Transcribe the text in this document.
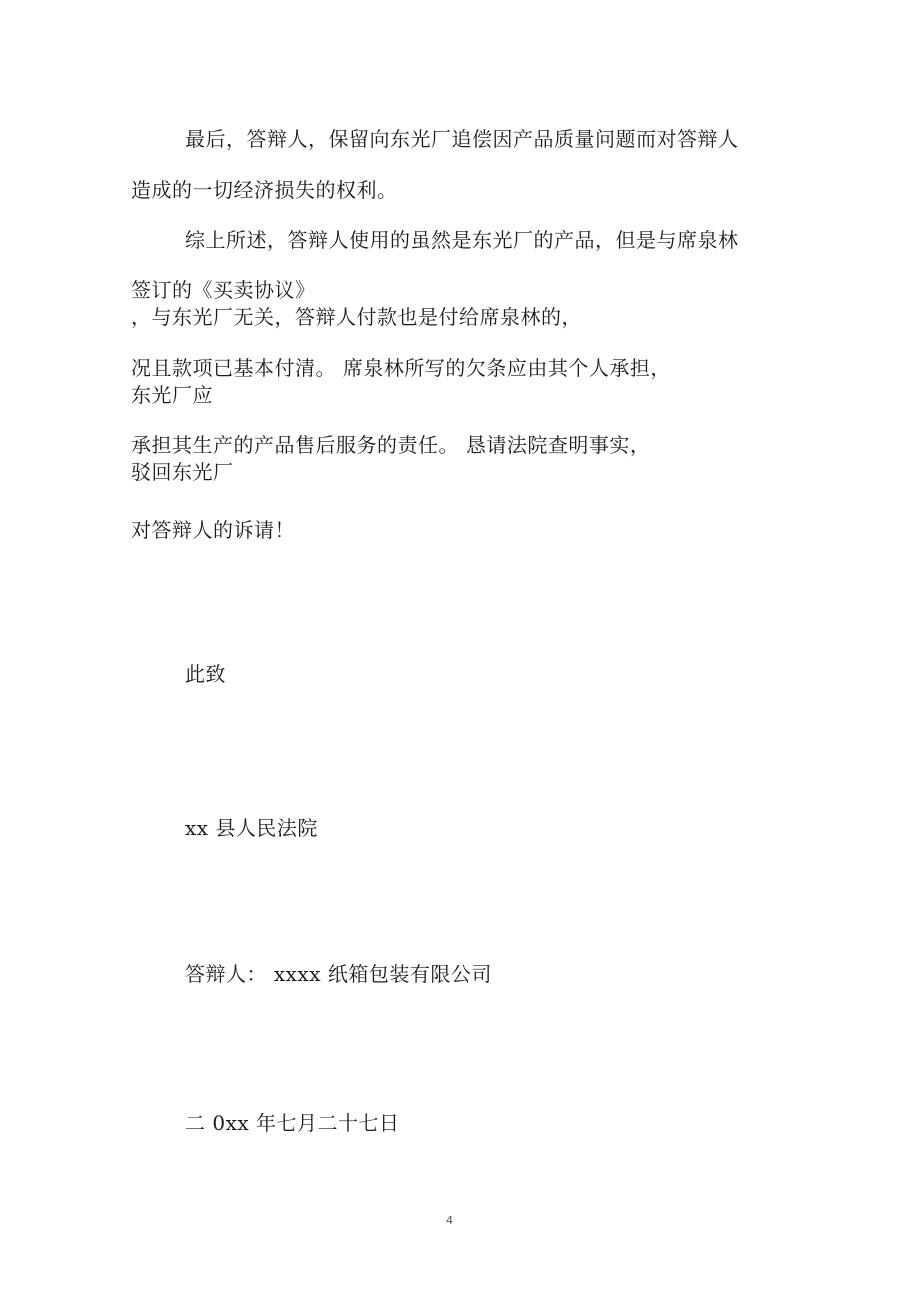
最后，答辩人，保留向东光厂追偿因产品质量问题而对答辩人
造成的一切经济损失的权利。
综上所述，答辩人使用的虽然是东光厂的产品，但是与席泉林
签订的《买卖协议》
，与东光厂无关，答辩人付款也是付给席泉林的，
况且款项已基本付清。 席泉林所写的欠条应由其个人承担，
东光厂应
承担其生产的产品售后服务的责任。 恳请法院查明事实，
驳回东光厂
对答辩人的诉请！
此致
xx 县人民法院
答辩人： xxxx 纸箱包装有限公司
二 0xx 年七月二十七日
4
